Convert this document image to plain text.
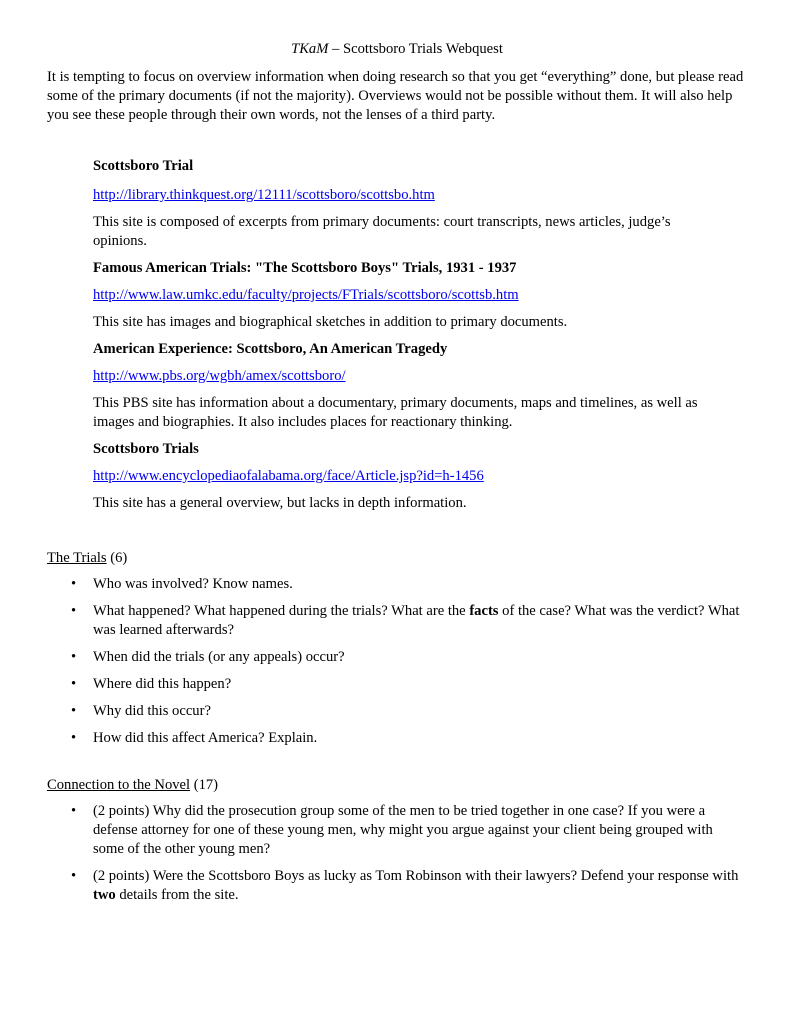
TKaM – Scottsboro Trials Webquest

It is tempting to focus on overview information when doing research so that you get “everything” done, but please read some of the primary documents (if not the majority). Overviews would not be possible without them. It will also help you see these people through their own words, not the lenses of a third party.

Scottsboro Trial

http://library.thinkquest.org/12111/scottsboro/scottsbo.htm

This site is composed of excerpts from primary documents: court transcripts, news articles, judge’s opinions.

Famous American Trials: "The Scottsboro Boys" Trials, 1931 - 1937

http://www.law.umkc.edu/faculty/projects/FTrials/scottsboro/scottsb.htm

This site has images and biographical sketches in addition to primary documents.

American Experience: Scottsboro, An American Tragedy

http://www.pbs.org/wgbh/amex/scottsboro/

This PBS site has information about a documentary, primary documents, maps and timelines, as well as images and biographies. It also includes places for reactionary thinking.

Scottsboro Trials

http://www.encyclopediaofalabama.org/face/Article.jsp?id=h-1456

This site has a general overview, but lacks in depth information.

The Trials (6)

• Who was involved? Know names.
• What happened? What happened during the trials? What are the facts of the case? What was the verdict? What was learned afterwards?
• When did the trials (or any appeals) occur?
• Where did this happen?
• Why did this occur?
• How did this affect America? Explain.

Connection to the Novel (17)

• (2 points) Why did the prosecution group some of the men to be tried together in one case? If you were a defense attorney for one of these young men, why might you argue against your client being grouped with some of the other young men?
• (2 points) Were the Scottsboro Boys as lucky as Tom Robinson with their lawyers? Defend your response with two details from the site.
